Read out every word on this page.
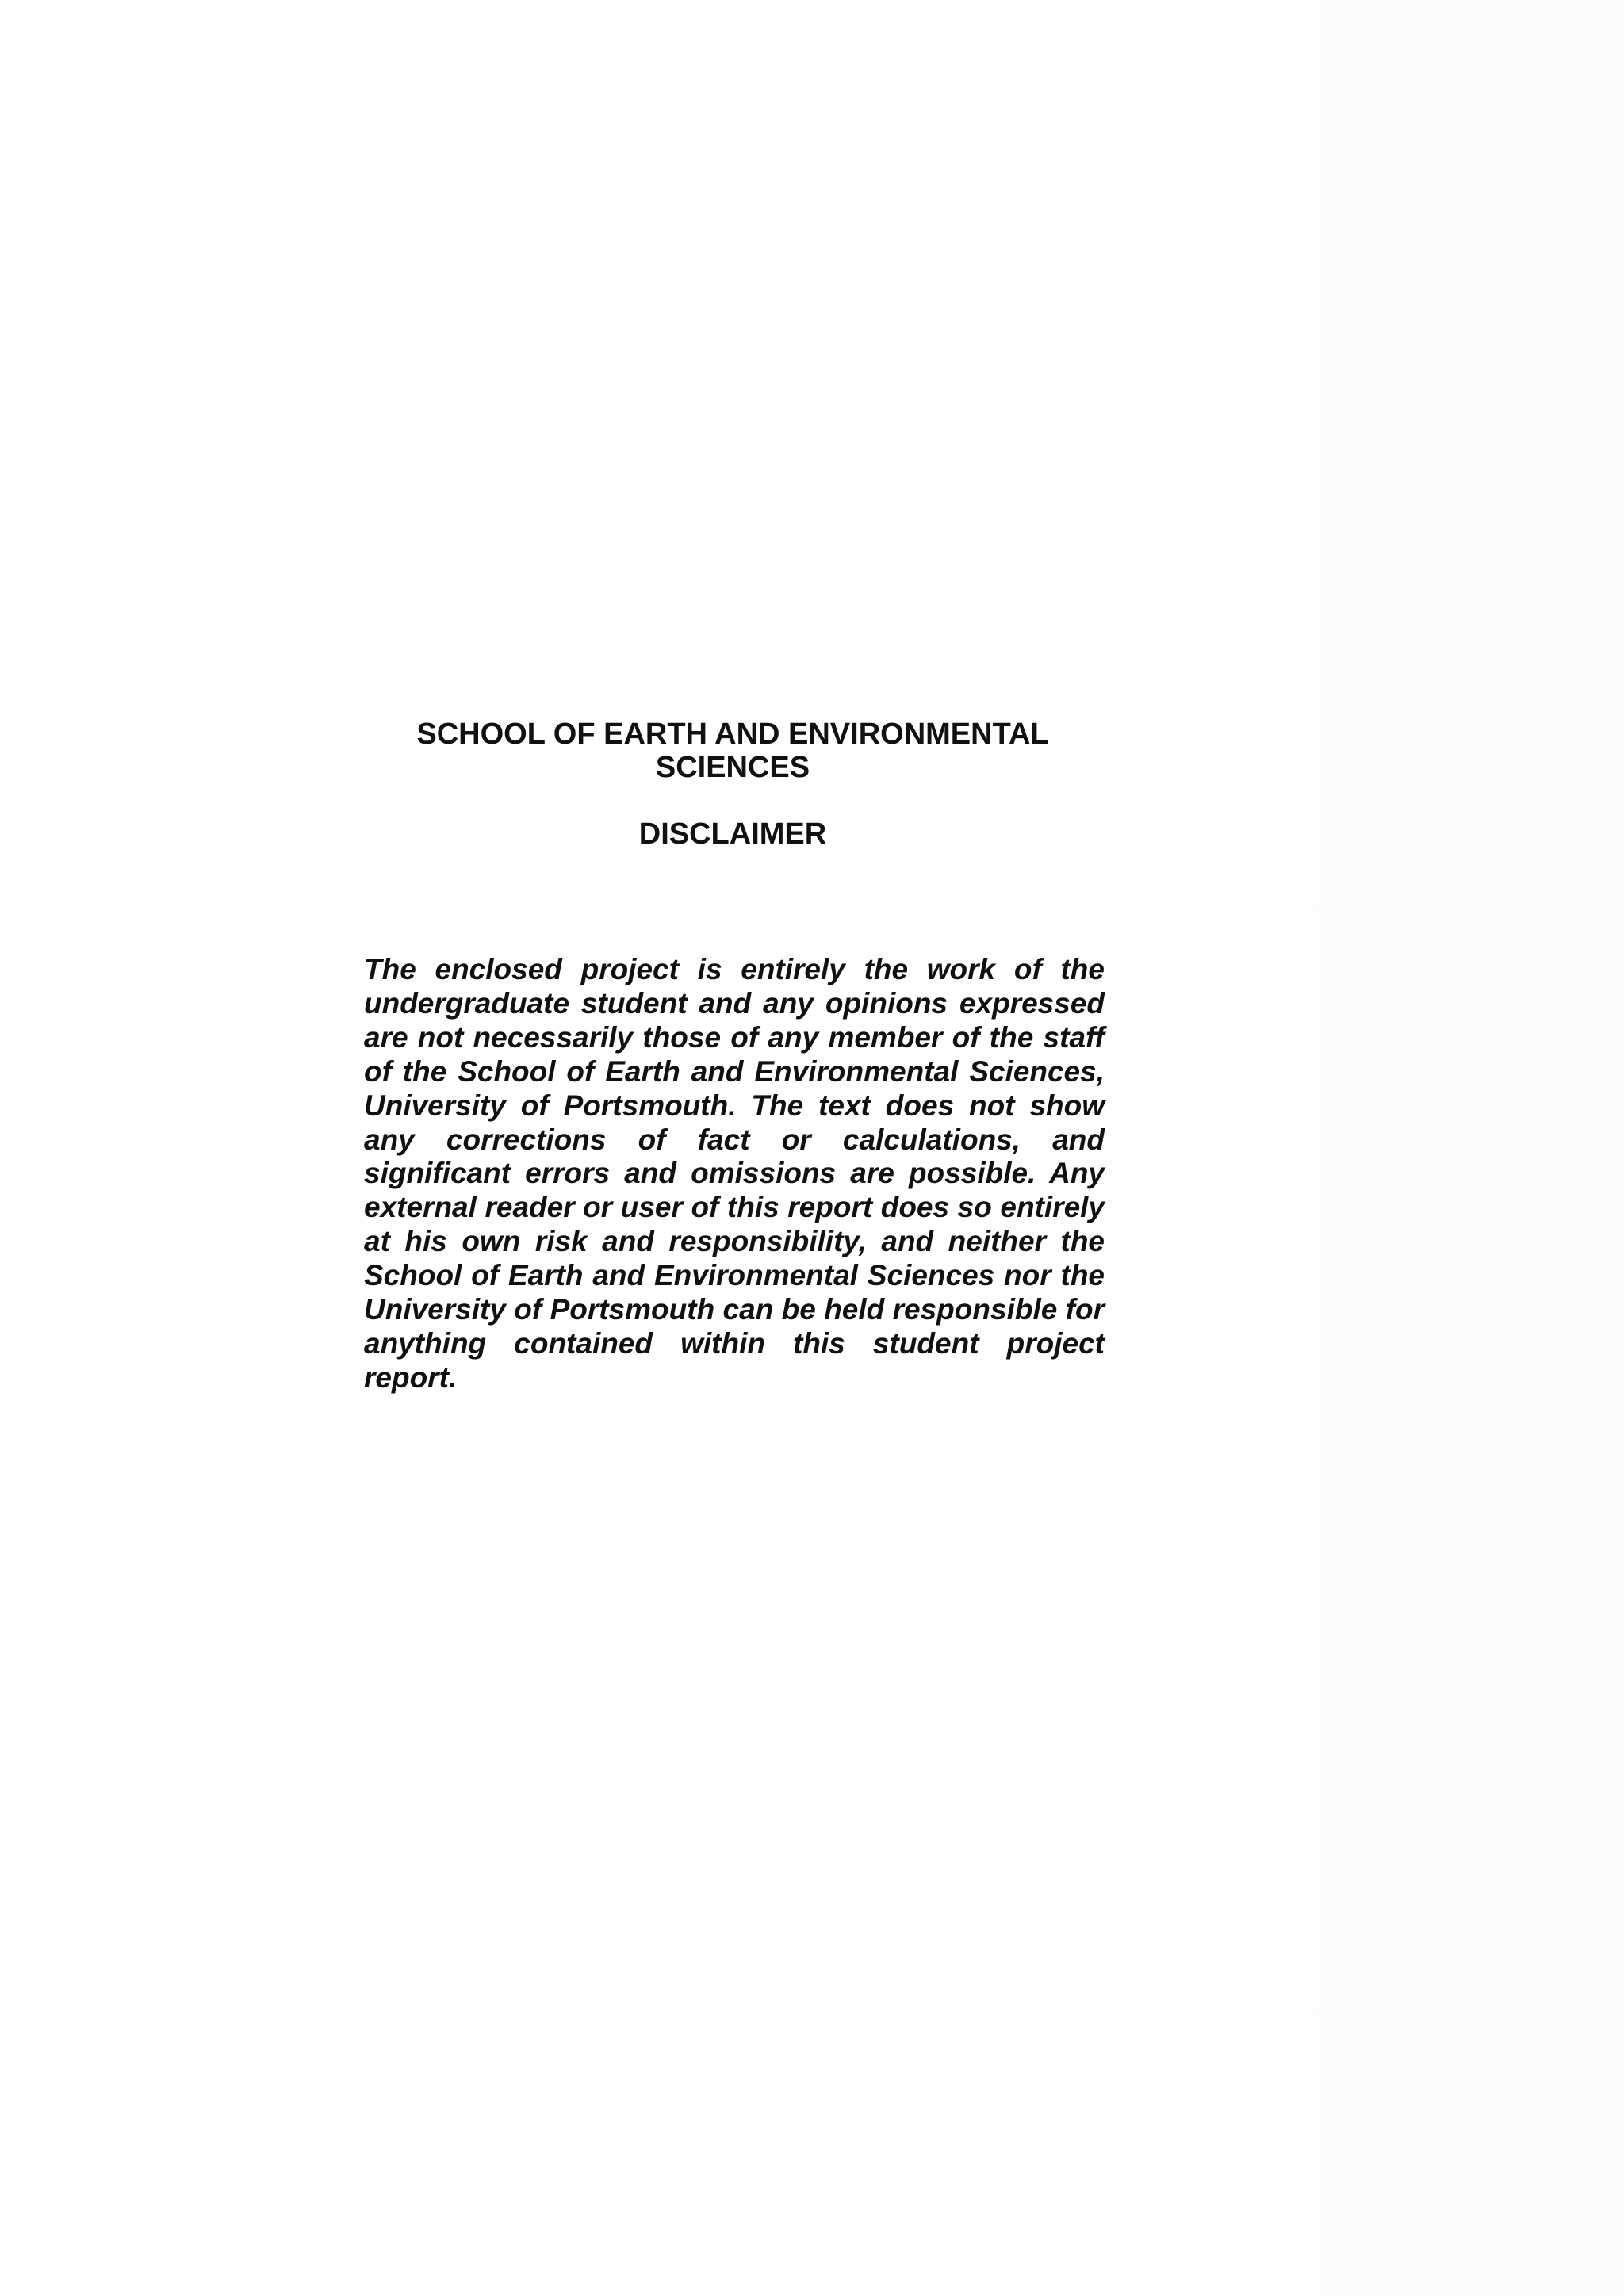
SCHOOL OF EARTH AND ENVIRONMENTAL SCIENCES
DISCLAIMER

The enclosed project is entirely the work of the undergraduate student and any opinions expressed are not necessarily those of any member of the staff of the School of Earth and Environmental Sciences, University of Portsmouth. The text does not show any corrections of fact or calculations, and significant errors and omissions are possible. Any external reader or user of this report does so entirely at his own risk and responsibility, and neither the School of Earth and Environmental Sciences nor the University of Portsmouth can be held responsible for anything contained within this student project report.
